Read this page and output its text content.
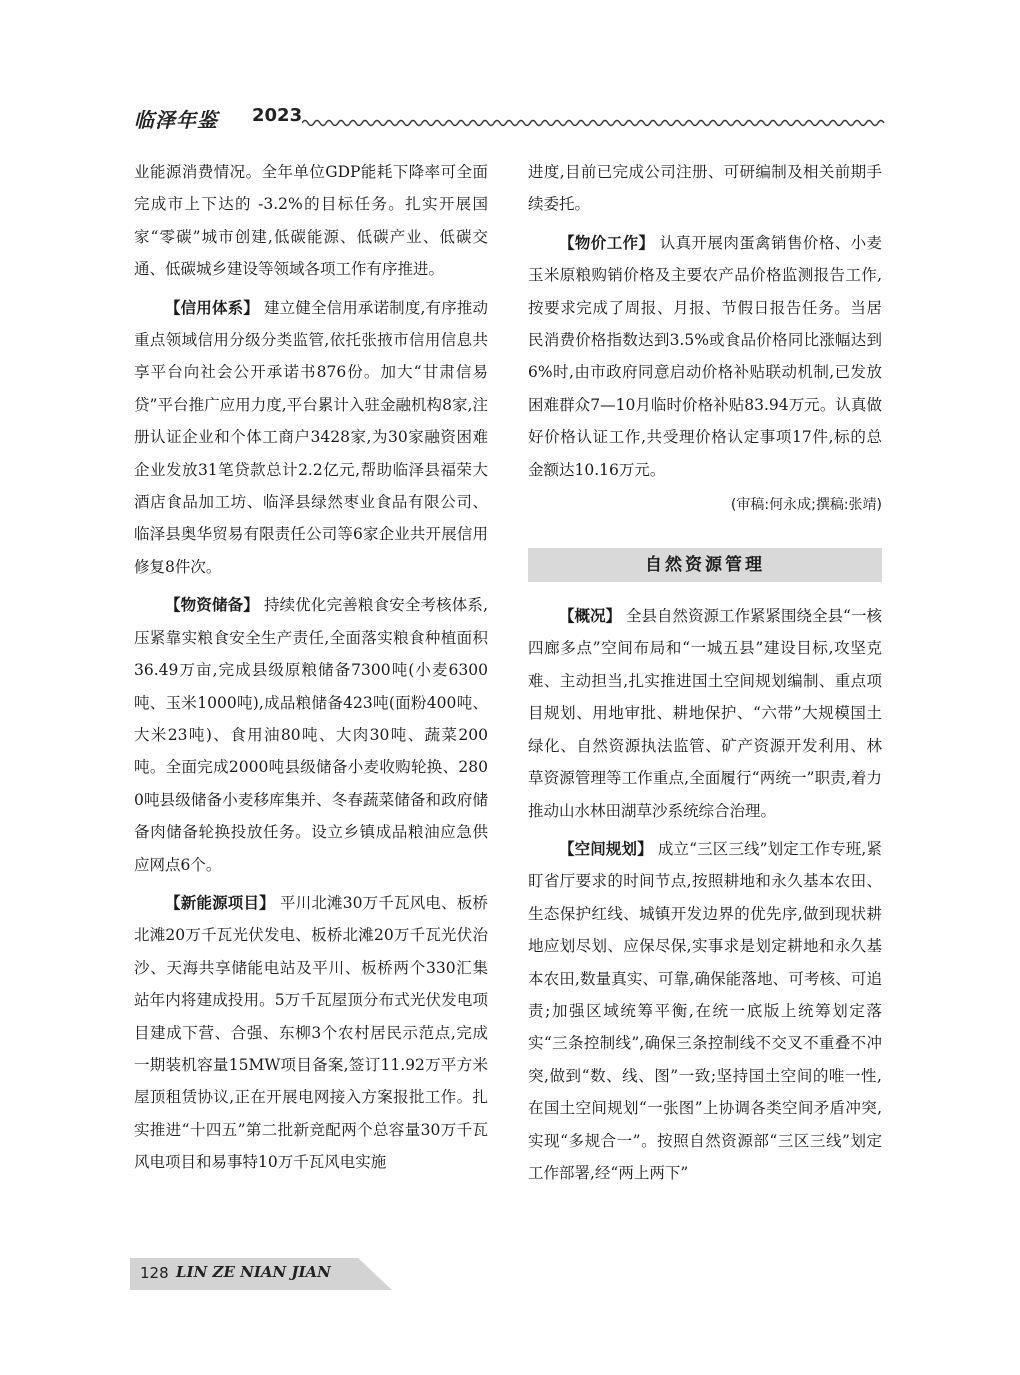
临泽年鉴 2023

业能源消费情况。全年单位GDP能耗下降率可全面完成市上下达的 -3.2%的目标任务。扎实开展国家“零碳”城市创建,低碳能源、低碳产业、低碳交通、低碳城乡建设等领域各项工作有序推进。

【信用体系】 建立健全信用承诺制度,有序推动重点领域信用分级分类监管,依托张掖市信用信息共享平台向社会公开承诺书876份。加大“甘肃信易贷”平台推广应用力度,平台累计入驻金融机构8家,注册认证企业和个体工商户3428家,为30家融资困难企业发放31笔贷款总计2.2亿元,帮助临泽县福荣大酒店食品加工坊、临泽县绿然枣业食品有限公司、临泽县奥华贸易有限责任公司等6家企业共开展信用修复8件次。

【物资储备】 持续优化完善粮食安全考核体系,压紧靠实粮食安全生产责任,全面落实粮食种植面积36.49万亩,完成县级原粮储备7300吨(小麦6300吨、玉米1000吨),成品粮储备423吨(面粉400吨、大米23吨)、食用油80吨、大肉30吨、蔬菜200吨。全面完成2000吨县级储备小麦收购轮换、2800吨县级储备小麦移库集并、冬春蔬菜储备和政府储备肉储备轮换投放任务。设立乡镇成品粮油应急供应网点6个。

【新能源项目】 平川北滩30万千瓦风电、板桥北滩20万千瓦光伏发电、板桥北滩20万千瓦光伏治沙、天海共享储能电站及平川、板桥两个330汇集站年内将建成投用。5万千瓦屋顶分布式光伏发电项目建成下营、合强、东柳3个农村居民示范点,完成一期装机容量15MW项目备案,签订11.92万平方米屋顶租赁协议,正在开展电网接入方案报批工作。扎实推进“十四五”第二批新竞配两个总容量30万千瓦风电项目和易事特10万千瓦风电实施

进度,目前已完成公司注册、可研编制及相关前期手续委托。

【物价工作】 认真开展肉蛋禽销售价格、小麦玉米原粮购销价格及主要农产品价格监测报告工作,按要求完成了周报、月报、节假日报告任务。当居民消费价格指数达到3.5%或食品价格同比涨幅达到6%时,由市政府同意启动价格补贴联动机制,已发放困难群众7—10月临时价格补贴83.94万元。认真做好价格认证工作,共受理价格认定事项17件,标的总金额达10.16万元。

(审稿:何永成;撰稿:张靖)
自然资源管理

【概况】 全县自然资源工作紧紧围绕全县“一核四廊多点”空间布局和“一城五县”建设目标,攻坚克难、主动担当,扎实推进国土空间规划编制、重点项目规划、用地审批、耕地保护、“六带”大规模国土绿化、自然资源执法监管、矿产资源开发利用、林草资源管理等工作重点,全面履行“两统一”职责,着力推动山水林田湖草沙系统综合治理。

【空间规划】 成立“三区三线”划定工作专班,紧盯省厅要求的时间节点,按照耕地和永久基本农田、生态保护红线、城镇开发边界的优先序,做到现状耕地应划尽划、应保尽保,实事求是划定耕地和永久基本农田,数量真实、可靠,确保能落地、可考核、可追责;加强区域统筹平衡,在统一底版上统筹划定落实“三条控制线”,确保三条控制线不交叉不重叠不冲突,做到“数、线、图”一致;坚持国土空间的唯一性,在国土空间规划“一张图”上协调各类空间矛盾冲突,实现“多规合一”。按照自然资源部“三区三线”划定工作部署,经“两上两下”

128 LIN ZE NIAN JIAN
